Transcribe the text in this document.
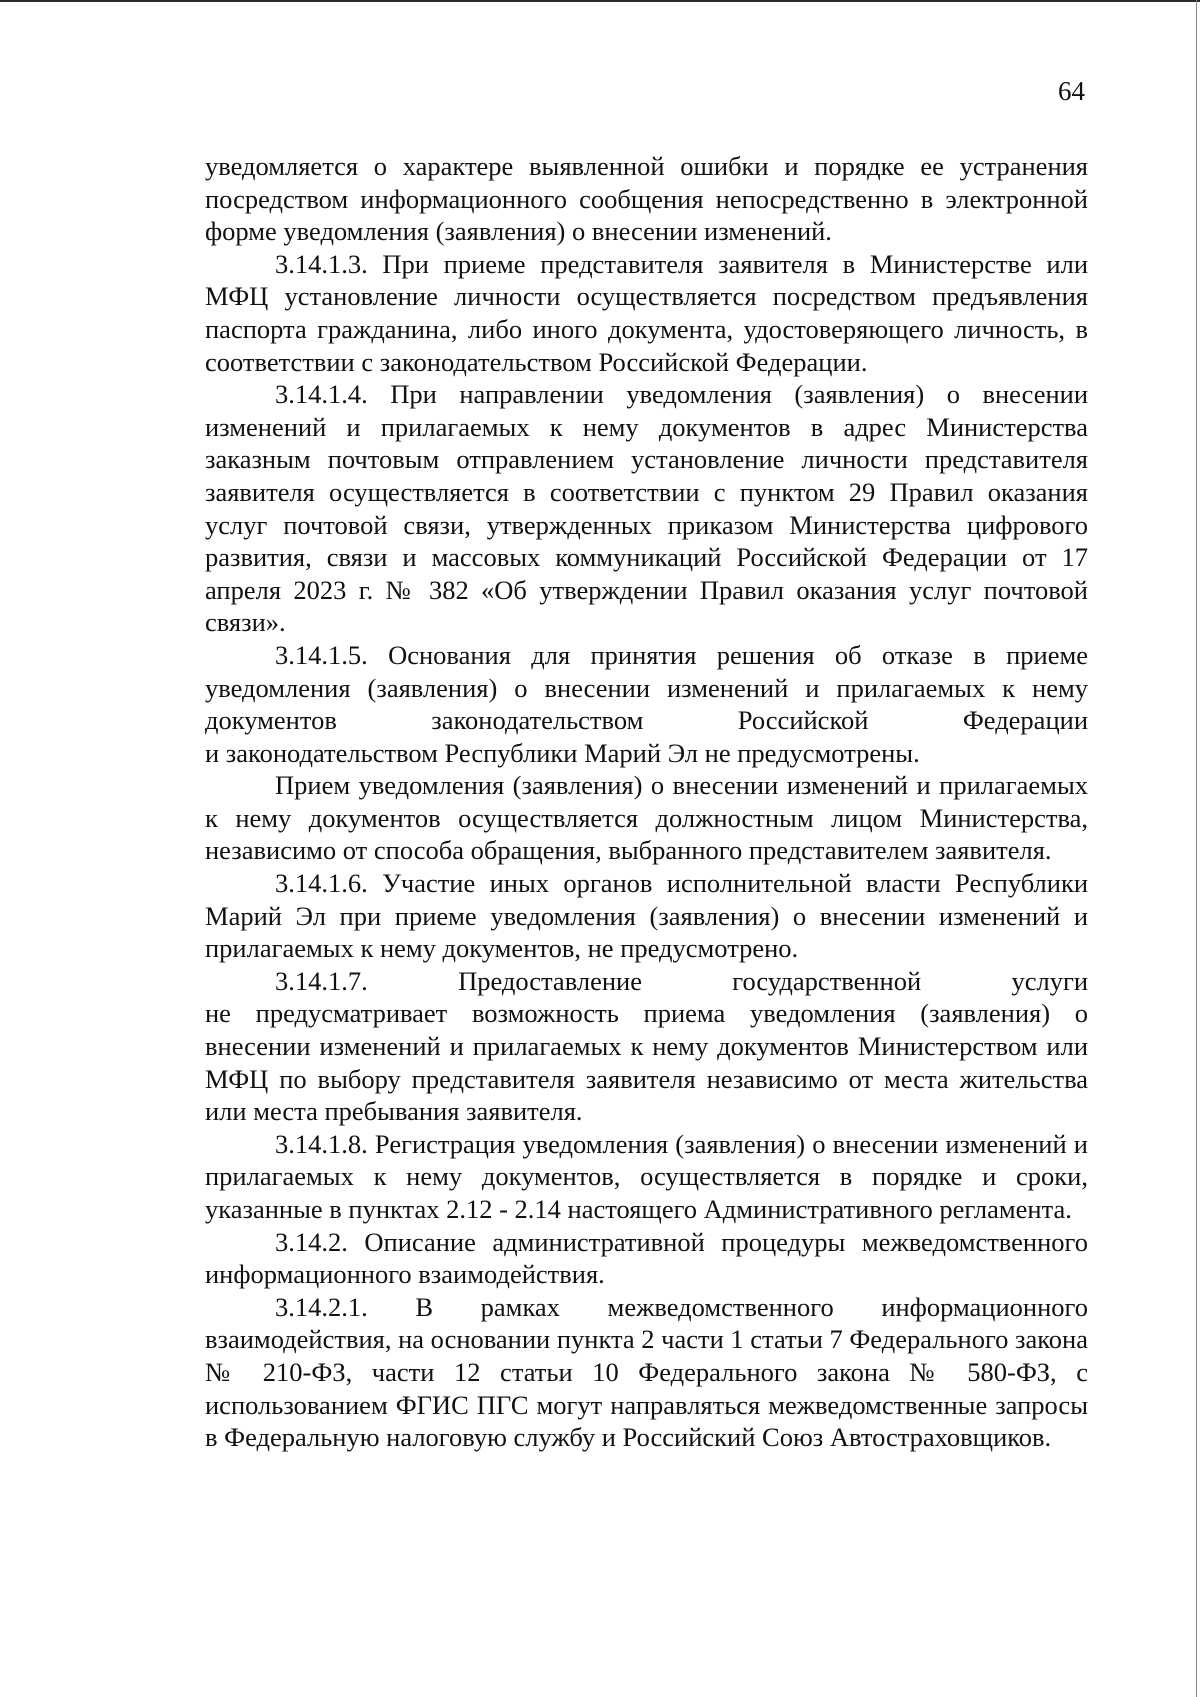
64

уведомляется о характере выявленной ошибки и порядке ее устранения посредством информационного сообщения непосредственно в электронной форме уведомления (заявления) о внесении изменений.

3.14.1.3. При приеме представителя заявителя в Министерстве или МФЦ установление личности осуществляется посредством предъявления паспорта гражданина, либо иного документа, удостоверяющего личность, в соответствии с законодательством Российской Федерации.

3.14.1.4. При направлении уведомления (заявления) о внесении изменений и прилагаемых к нему документов в адрес Министерства заказным почтовым отправлением установление личности представителя заявителя осуществляется в соответствии с пунктом 29 Правил оказания услуг почтовой связи, утвержденных приказом Министерства цифрового развития, связи и массовых коммуникаций Российской Федерации от 17 апреля 2023 г. № 382 «Об утверждении Правил оказания услуг почтовой связи».

3.14.1.5. Основания для принятия решения об отказе в приеме уведомления (заявления) о внесении изменений и прилагаемых к нему документов законодательством Российской Федерации

и законодательством Республики Марий Эл не предусмотрены.

Прием уведомления (заявления) о внесении изменений и прилагаемых к нему документов осуществляется должностным лицом Министерства, независимо от способа обращения, выбранного представителем заявителя.

3.14.1.6. Участие иных органов исполнительной власти Республики Марий Эл при приеме уведомления (заявления) о внесении изменений и прилагаемых к нему документов, не предусмотрено.

3.14.1.7. Предоставление государственной услуги

не предусматривает возможность приема уведомления (заявления) о внесении изменений и прилагаемых к нему документов Министерством или МФЦ по выбору представителя заявителя независимо от места жительства или места пребывания заявителя.

3.14.1.8. Регистрация уведомления (заявления) о внесении изменений и прилагаемых к нему документов, осуществляется в порядке и сроки, указанные в пунктах 2.12 - 2.14 настоящего Административного регламента.

3.14.2. Описание административной процедуры межведомственного информационного взаимодействия.

3.14.2.1. В рамках межведомственного информационного взаимодействия, на основании пункта 2 части 1 статьи 7 Федерального закона № 210-ФЗ, части 12 статьи 10 Федерального закона № 580-ФЗ, с использованием ФГИС ПГС могут направляться межведомственные запросы в Федеральную налоговую службу и Российский Союз Автостраховщиков.
